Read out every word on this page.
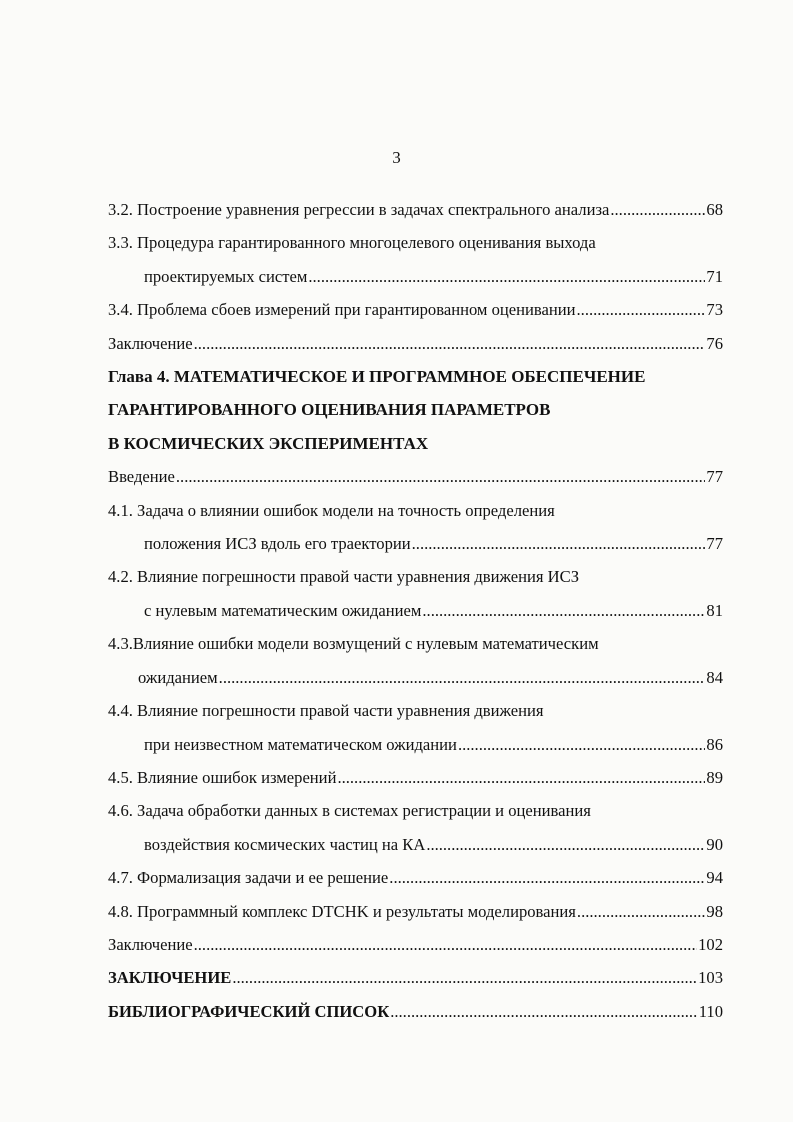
3
3.2. Построение уравнения регрессии в задачах спектрального анализа .....	68
3.3. Процедура гарантированного многоцелевого оценивания выхода
проектируемых систем .....	71
3.4. Проблема сбоев измерений при гарантированном оценивании .....	73
Заключение .....	76
Глава 4. МАТЕМАТИЧЕСКОЕ И ПРОГРАММНОЕ ОБЕСПЕЧЕНИЕ
ГАРАНТИРОВАННОГО ОЦЕНИВАНИЯ ПАРАМЕТРОВ
В КОСМИЧЕСКИХ ЭКСПЕРИМЕНТАХ
Введение .....	77
4.1. Задача о влиянии ошибок модели на точность определения
положения ИСЗ вдоль его траектории .....	77
4.2. Влияние погрешности правой части уравнения движения ИСЗ
с нулевым математическим ожиданием .....	81
4.3.Влияние ошибки модели возмущений с нулевым математическим
ожиданием .....	84
4.4. Влияние погрешности правой части уравнения движения
при неизвестном математическом ожидании .....	86
4.5. Влияние ошибок измерений .....	89
4.6. Задача обработки данных в системах регистрации и оценивания
воздействия космических частиц на КА .....	90
4.7. Формализация задачи и ее решение .....	94
4.8. Программный комплекс DTCHK и результаты моделирования .....	98
Заключение .....	102
ЗАКЛЮЧЕНИЕ .....	103
БИБЛИОГРАФИЧЕСКИЙ СПИСОК .....	110
